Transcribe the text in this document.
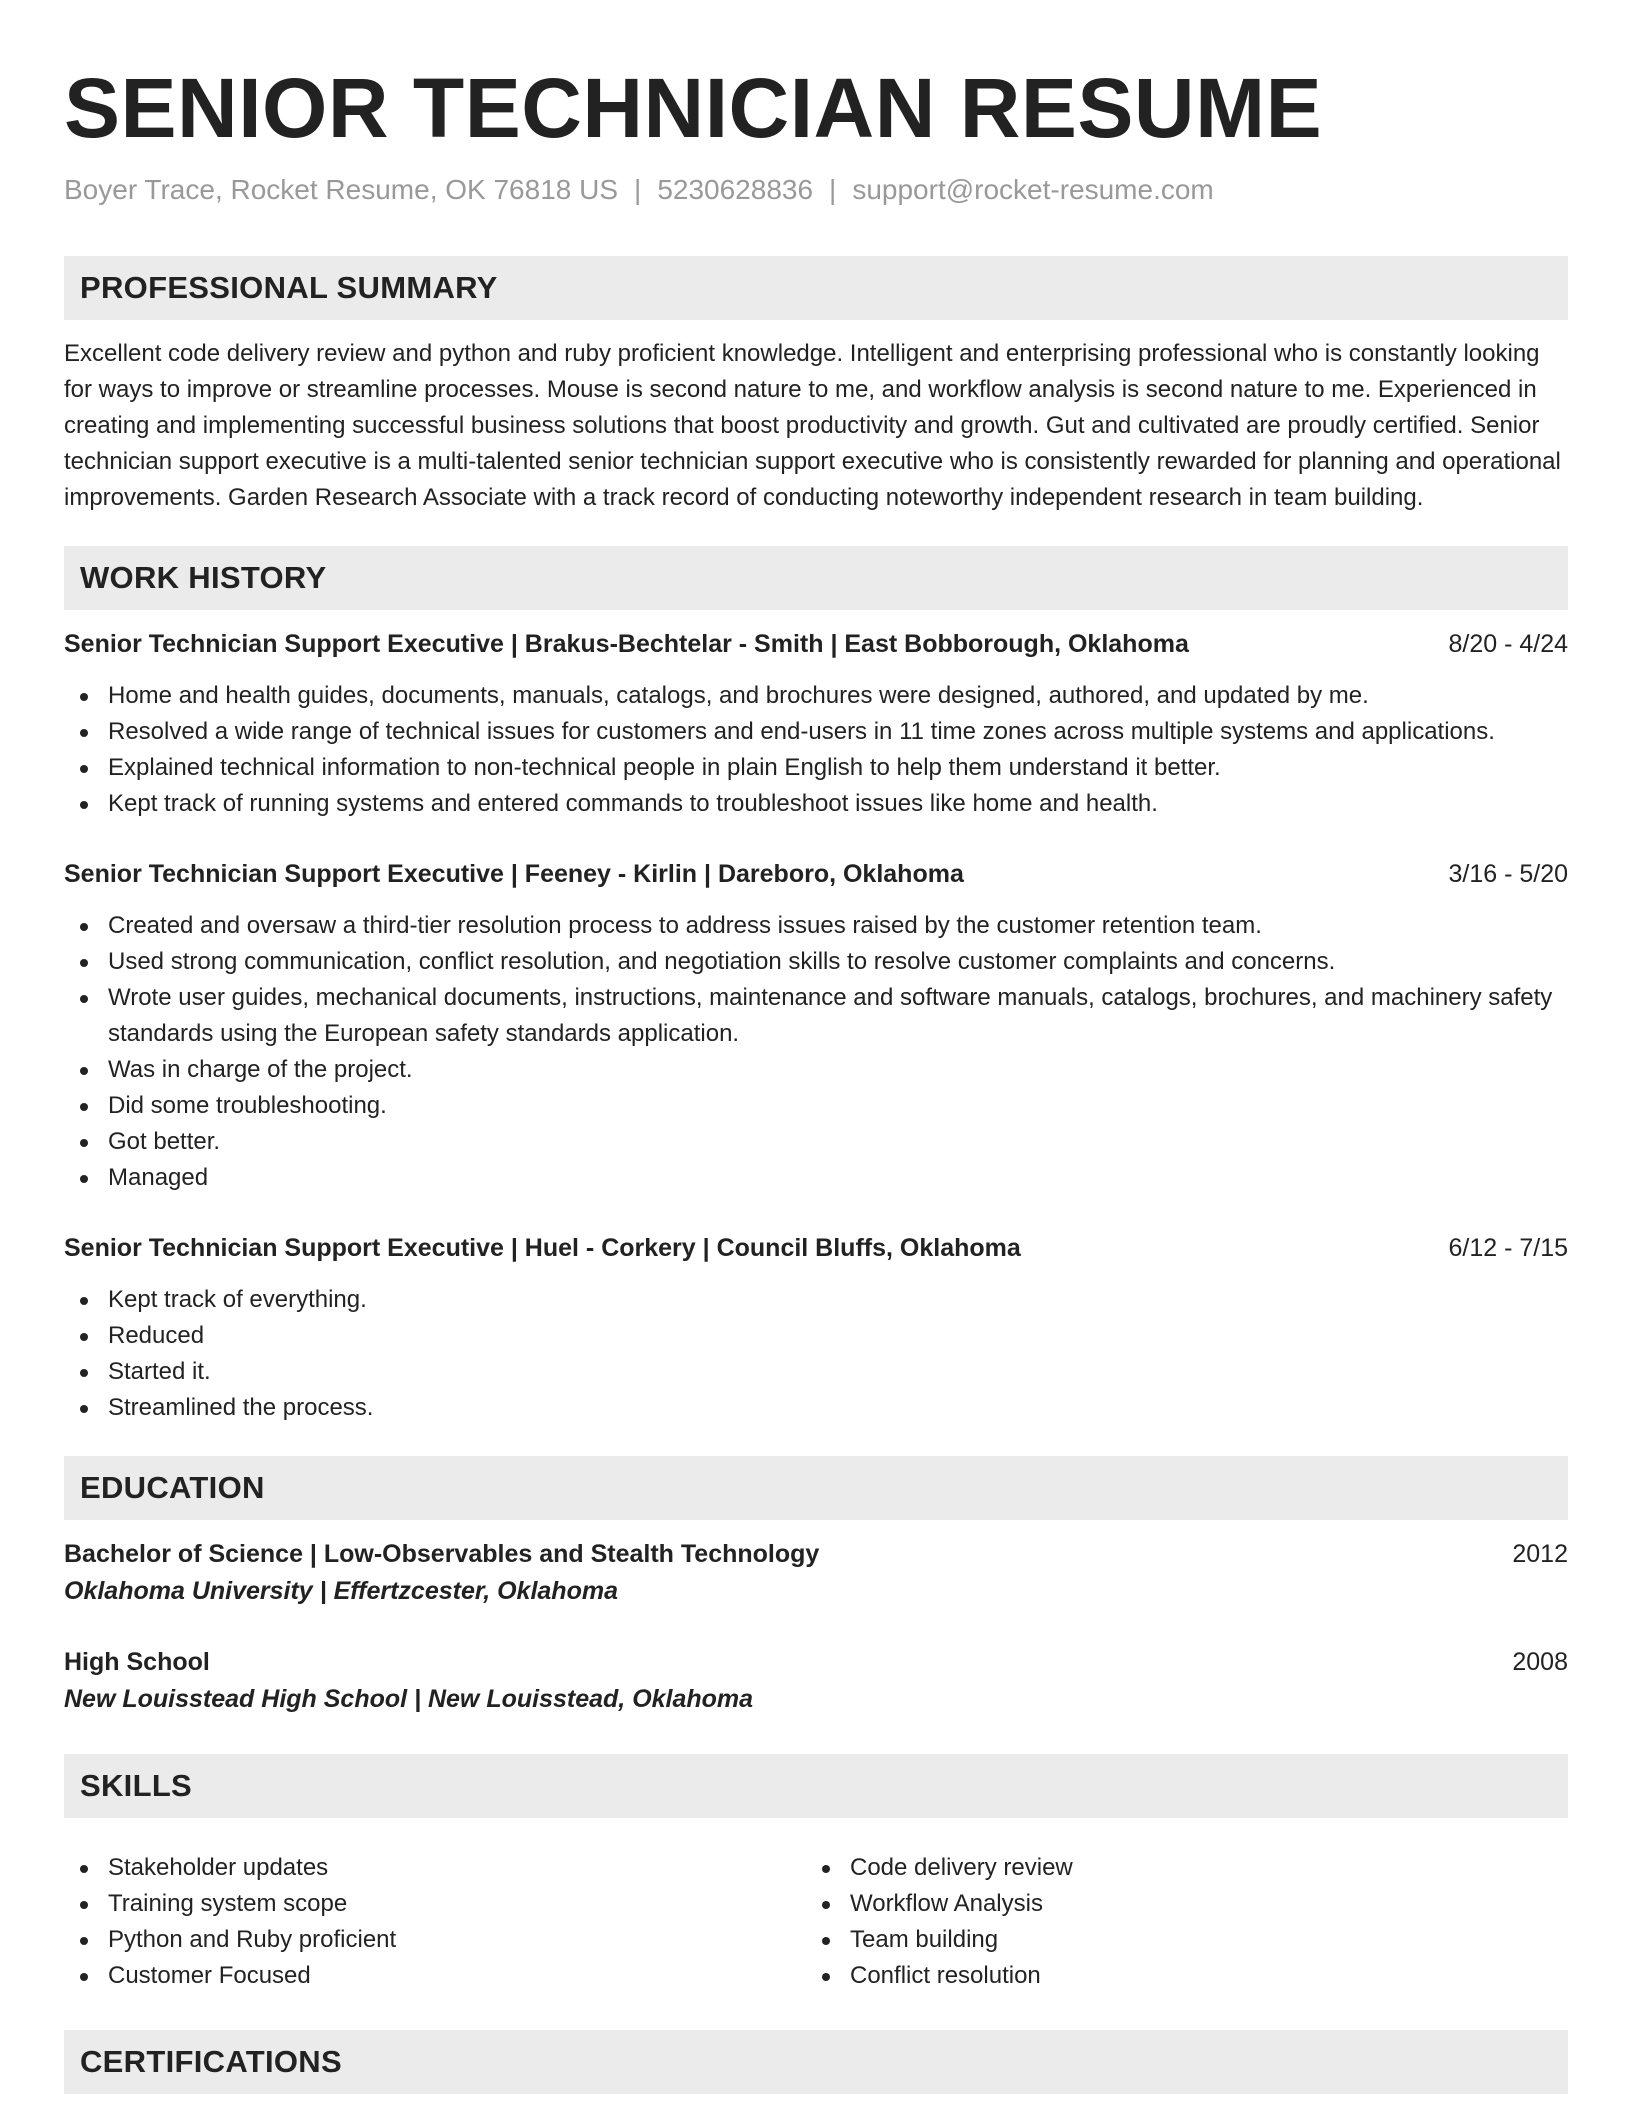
SENIOR TECHNICIAN RESUME
Boyer Trace, Rocket Resume, OK 76818 US | 5230628836 | support@rocket-resume.com
PROFESSIONAL SUMMARY

Excellent code delivery review and python and ruby proficient knowledge. Intelligent and enterprising professional who is constantly looking for ways to improve or streamline processes. Mouse is second nature to me, and workflow analysis is second nature to me. Experienced in creating and implementing successful business solutions that boost productivity and growth. Gut and cultivated are proudly certified. Senior technician support executive is a multi-talented senior technician support executive who is consistently rewarded for planning and operational improvements. Garden Research Associate with a track record of conducting noteworthy independent research in team building.

WORK HISTORY
Senior Technician Support Executive | Brakus-Bechtelar - Smith | East Bobborough, Oklahoma	8/20 - 4/24
Home and health guides, documents, manuals, catalogs, and brochures were designed, authored, and updated by me.
Resolved a wide range of technical issues for customers and end-users in 11 time zones across multiple systems and applications.
Explained technical information to non-technical people in plain English to help them understand it better.
Kept track of running systems and entered commands to troubleshoot issues like home and health.
Senior Technician Support Executive | Feeney - Kirlin | Dareboro, Oklahoma	3/16 - 5/20
Created and oversaw a third-tier resolution process to address issues raised by the customer retention team.
Used strong communication, conflict resolution, and negotiation skills to resolve customer complaints and concerns.
Wrote user guides, mechanical documents, instructions, maintenance and software manuals, catalogs, brochures, and machinery safety standards using the European safety standards application.
Was in charge of the project.
Did some troubleshooting.
Got better.
Managed
Senior Technician Support Executive | Huel - Corkery | Council Bluffs, Oklahoma	6/12 - 7/15
Kept track of everything.
Reduced
Started it.
Streamlined the process.
EDUCATION
Bachelor of Science | Low-Observables and Stealth Technology	2012
Oklahoma University | Effertzcester, Oklahoma
High School	2008
New Louisstead High School | New Louisstead, Oklahoma
SKILLS
Stakeholder updates
Training system scope
Python and Ruby proficient
Customer Focused
Code delivery review
Workflow Analysis
Team building
Conflict resolution
CERTIFICATIONS
